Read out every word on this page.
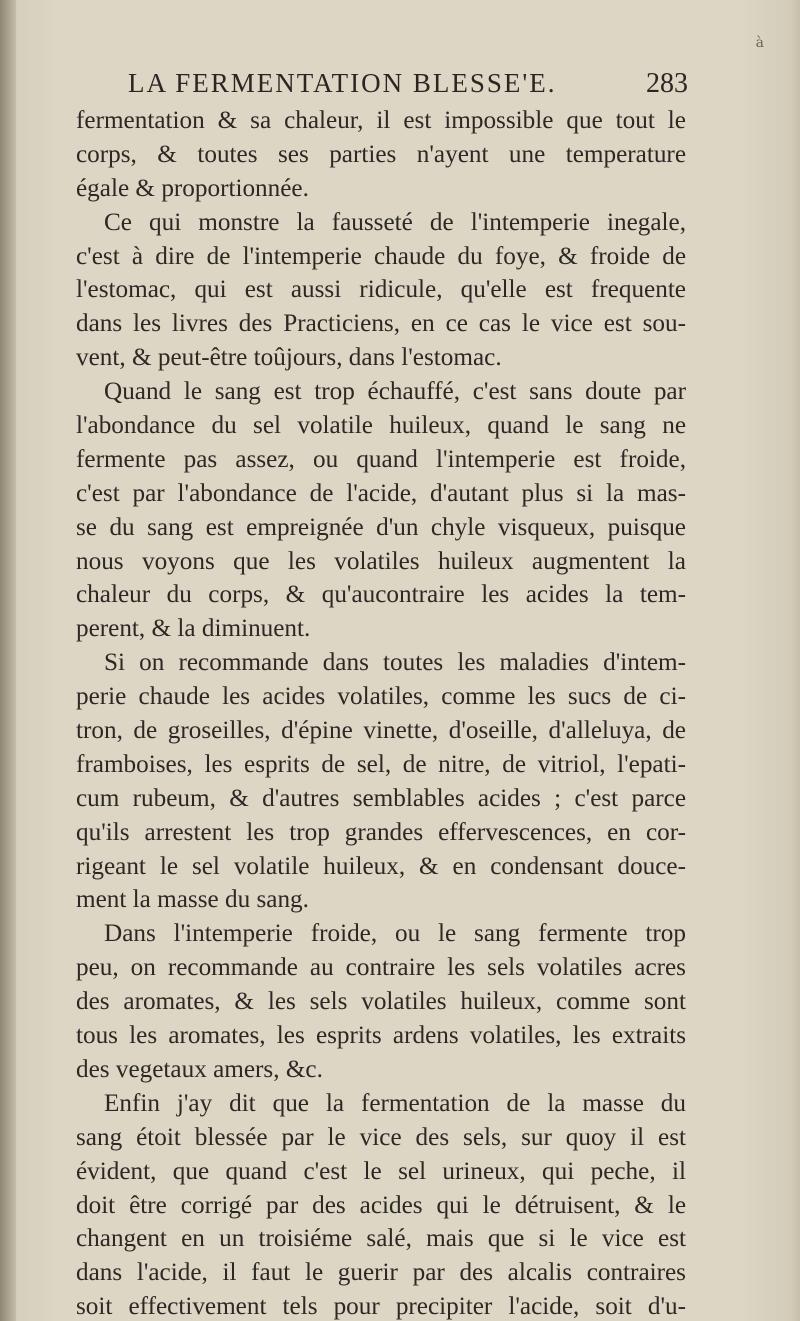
à
LA FERMENTATION BLESSE'E.	283
fermentation & sa chaleur, il est impossible que tout le
corps, & toutes ses parties n'ayent une temperature
égale & proportionnée.
Ce qui monstre la fausseté de l'intemperie inegale,
c'est à dire de l'intemperie chaude du foye, & froide de
l'estomac, qui est aussi ridicule, qu'elle est frequente
dans les livres des Practiciens, en ce cas le vice est sou-
vent, & peut-être toûjours, dans l'estomac.
Quand le sang est trop échauffé, c'est sans doute par
l'abondance du sel volatile huileux, quand le sang ne
fermente pas assez, ou quand l'intemperie est froide,
c'est par l'abondance de l'acide, d'autant plus si la mas-
se du sang est empreignée d'un chyle visqueux, puisque
nous voyons que les volatiles huileux augmentent la
chaleur du corps, & qu'aucontraire les acides la tem-
perent, & la diminuent.
Si on recommande dans toutes les maladies d'intem-
perie chaude les acides volatiles, comme les sucs de ci-
tron, de groseilles, d'épine vinette, d'oseille, d'alleluya, de
framboises, les esprits de sel, de nitre, de vitriol, l'epati-
cum rubeum, & d'autres semblables acides ; c'est parce
qu'ils arrestent les trop grandes effervescences, en cor-
rigeant le sel volatile huileux, & en condensant douce-
ment la masse du sang.
Dans l'intemperie froide, ou le sang fermente trop
peu, on recommande au contraire les sels volatiles acres
des aromates, & les sels volatiles huileux, comme sont
tous les aromates, les esprits ardens volatiles, les extraits
des vegetaux amers, &c.
Enfin j'ay dit que la fermentation de la masse du
sang étoit blessée par le vice des sels, sur quoy il est
évident, que quand c'est le sel urineux, qui peche, il
doit être corrigé par des acides qui le détruisent, & le
changent en un troisiéme salé, mais que si le vice est
dans l'acide, il faut le guerir par des alcalis contraires
soit effectivement tels pour precipiter l'acide, soit d'u-
